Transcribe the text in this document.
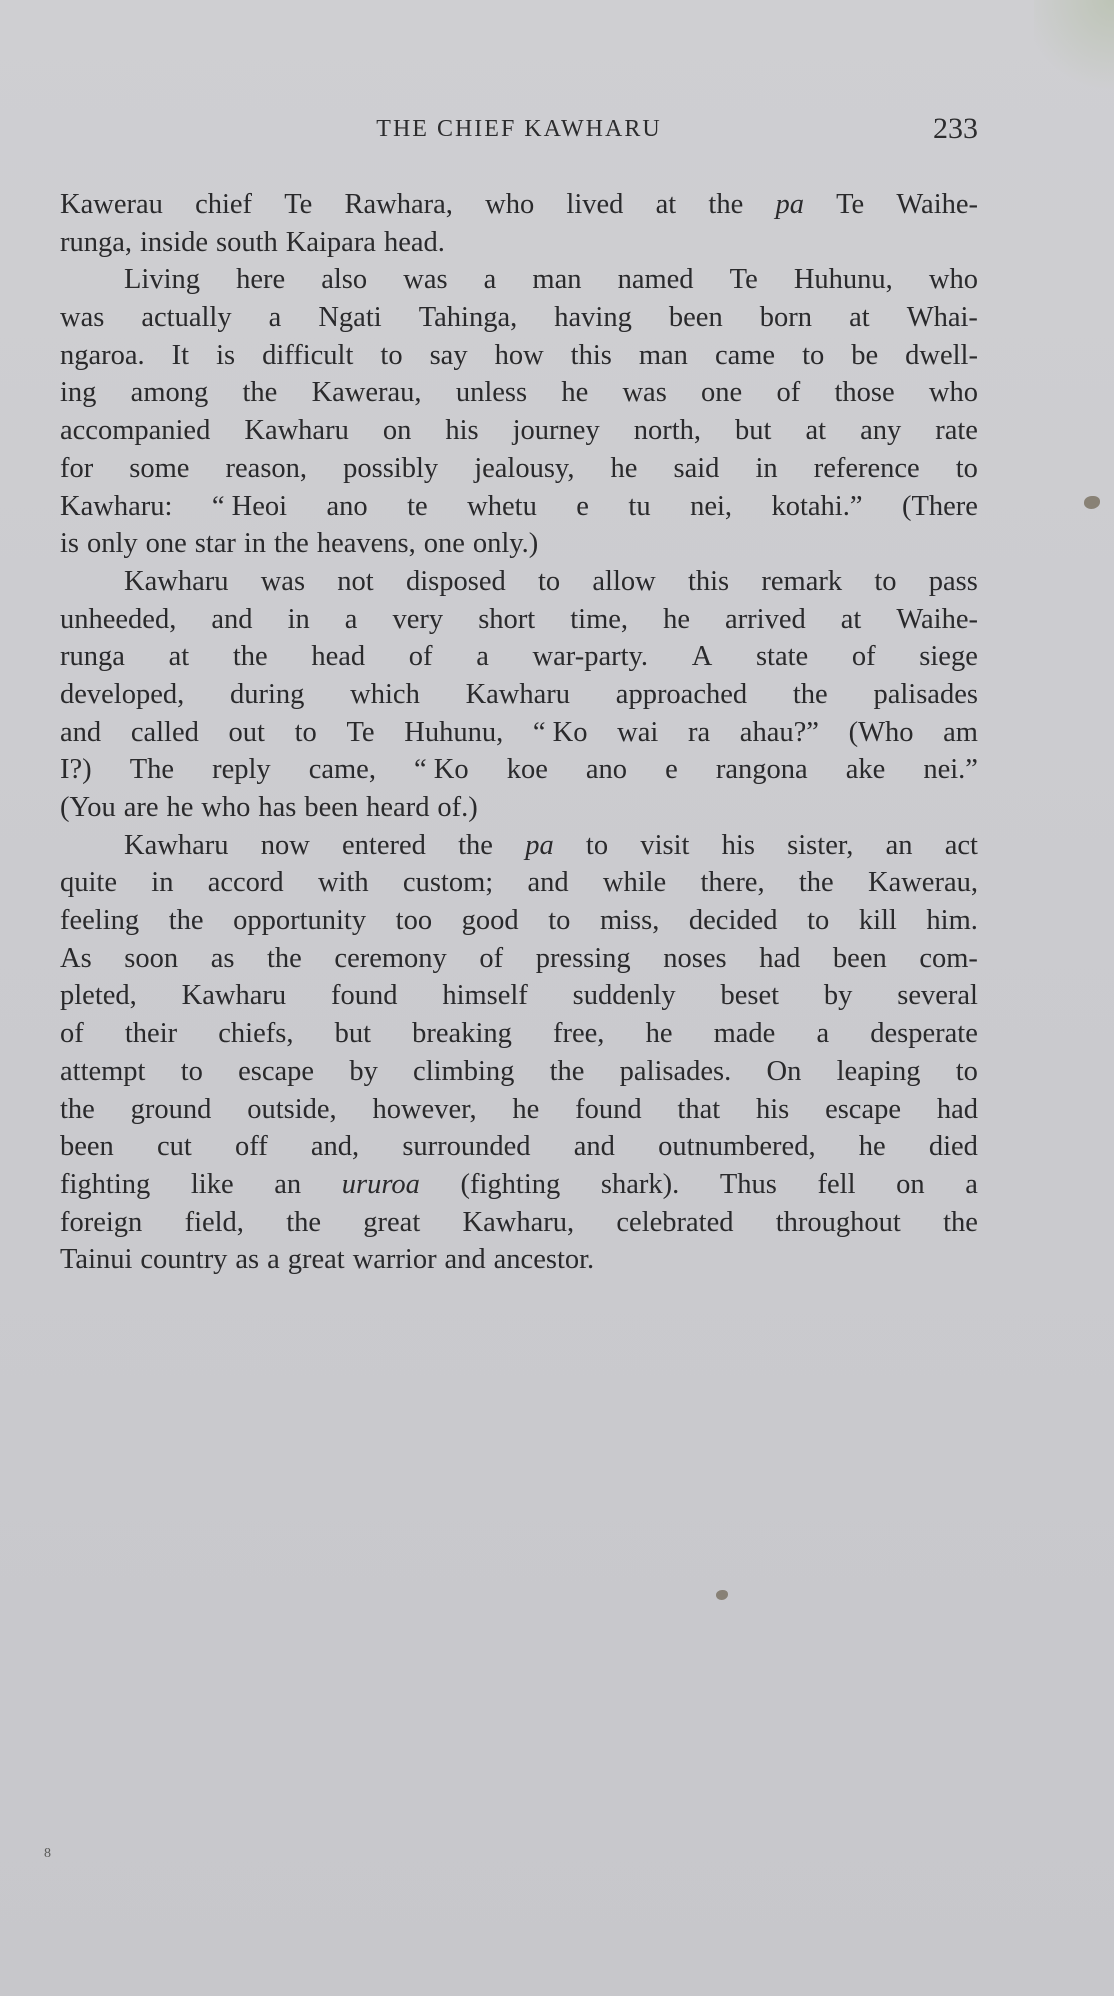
THE CHIEF KAWHARU	233
Kawerau chief Te Rawhara, who lived at the pa Te Waihe-
runga, inside south Kaipara head.
Living here also was a man named Te Huhunu, who
was actually a Ngati Tahinga, having been born at Whai-
ngaroa. It is difficult to say how this man came to be dwell-
ing among the Kawerau, unless he was one of those who
accompanied Kawharu on his journey north, but at any rate
for some reason, possibly jealousy, he said in reference to
Kawharu: “ Heoi ano te whetu e tu nei, kotahi.” (There
is only one star in the heavens, one only.)
Kawharu was not disposed to allow this remark to pass
unheeded, and in a very short time, he arrived at Waihe-
runga at the head of a war-party. A state of siege
developed, during which Kawharu approached the palisades
and called out to Te Huhunu, “ Ko wai ra ahau?” (Who am
I?) The reply came, “ Ko koe ano e rangona ake nei.”
(You are he who has been heard of.)
Kawharu now entered the pa to visit his sister, an act
quite in accord with custom; and while there, the Kawerau,
feeling the opportunity too good to miss, decided to kill him.
As soon as the ceremony of pressing noses had been com-
pleted, Kawharu found himself suddenly beset by several
of their chiefs, but breaking free, he made a desperate
attempt to escape by climbing the palisades. On leaping to
the ground outside, however, he found that his escape had
been cut off and, surrounded and outnumbered, he died
fighting like an ururoa (fighting shark). Thus fell on a
foreign field, the great Kawharu, celebrated throughout the
Tainui country as a great warrior and ancestor.
8
